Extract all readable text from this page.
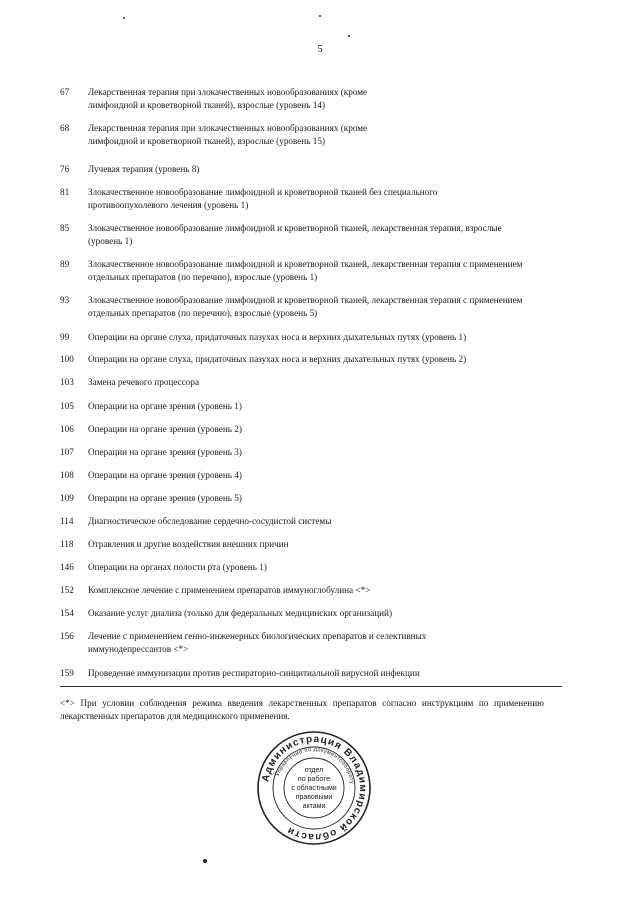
5
67	Лекарственная терапия при злокачественных новообразованиях (кроме лимфоидной и кроветворной тканей), взрослые (уровень 14)
68	Лекарственная терапия при злокачественных новообразованиях (кроме лимфоидной и кроветворной тканей), взрослые (уровень 15)
76	Лучевая терапия (уровень 8)
81	Злокачественное новообразование лимфоидной и кроветворной тканей без специального противоопухолевого лечения (уровень 1)
85	Злокачественное новообразование лимфоидной и кроветворной тканей, лекарственная терапия, взрослые (уровень 1)
89	Злокачественное новообразование лимфоидной и кроветворной тканей, лекарственная терапия с применением отдельных препаратов (по перечню), взрослые (уровень 1)
93	Злокачественное новообразование лимфоидной и кроветворной тканей, лекарственная терапия с применением отдельных препаратов (по перечню), взрослые (уровень 5)
99	Операции на органе слуха, придаточных пазухах носа и верхних дыхательных путях (уровень 1)
100	Операции на органе слуха, придаточных пазухах носа и верхних дыхательных путях (уровень 2)
103	Замена речевого процессора
105	Операции на органе зрения (уровень 1)
106	Операции на органе зрения (уровень 2)
107	Операции на органе зрения (уровень 3)
108	Операции на органе зрения (уровень 4)
109	Операции на органе зрения (уровень 5)
114	Диагностическое обследование сердечно-сосудистой системы
118	Отравления и другие воздействия внешних причин
146	Операции на органах полости рта (уровень 1)
152	Комплексное лечение с применением препаратов иммуноглобулина <*>
154	Оказание услуг диализа (только для федеральных медицинских организаций)
156	Лечение с применением генно-инженерных биологических препаратов и селективных иммунодепрессантов <*>
159	Проведение иммунизации против респираторно-синцитиальной вирусной инфекции
<*> При условии соблюдения режима введения лекарственных препаратов согласно инструкциям по применению лекарственных препаратов для медицинского применения.
Администрация Владимирской области
Управление по документообороту
отдел
по работе
с областными
правовыми
актами
